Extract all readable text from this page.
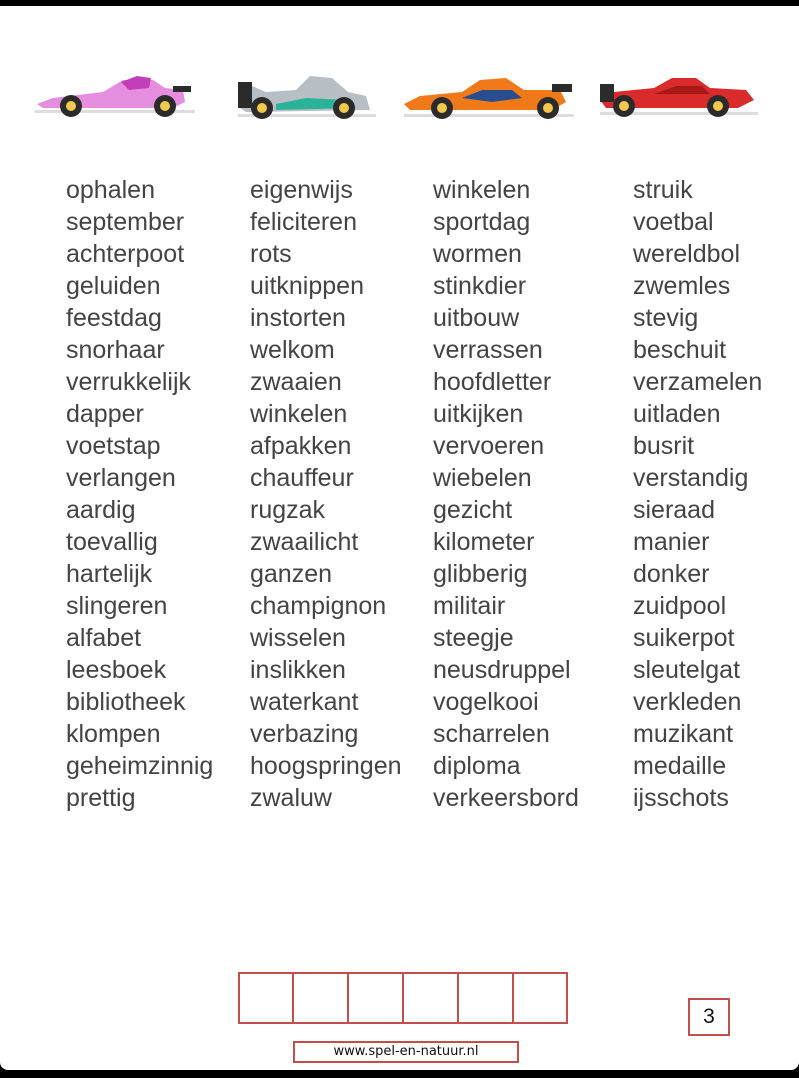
ophalen
september
achterpoot
geluiden
feestdag
snorhaar
verrukkelijk
dapper
voetstap
verlangen
aardig
toevallig
hartelijk
slingeren
alfabet
leesboek
bibliotheek
klompen
geheimzinnig
prettig
eigenwijs
feliciteren
rots
uitknippen
instorten
welkom
zwaaien
winkelen
afpakken
chauffeur
rugzak
zwaailicht
ganzen
champignon
wisselen
inslikken
waterkant
verbazing
hoogspringen
zwaluw
winkelen
sportdag
wormen
stinkdier
uitbouw
verrassen
hoofdletter
uitkijken
vervoeren
wiebelen
gezicht
kilometer
glibberig
militair
steegje
neusdruppel
vogelkooi
scharrelen
diploma
verkeersbord
struik
voetbal
wereldbol
zwemles
stevig
beschuit
verzamelen
uitladen
busrit
verstandig
sieraad
manier
donker
zuidpool
suikerpot
sleutelgat
verkleden
muzikant
medaille
ijsschots
3
www.spel-en-natuur.nl
